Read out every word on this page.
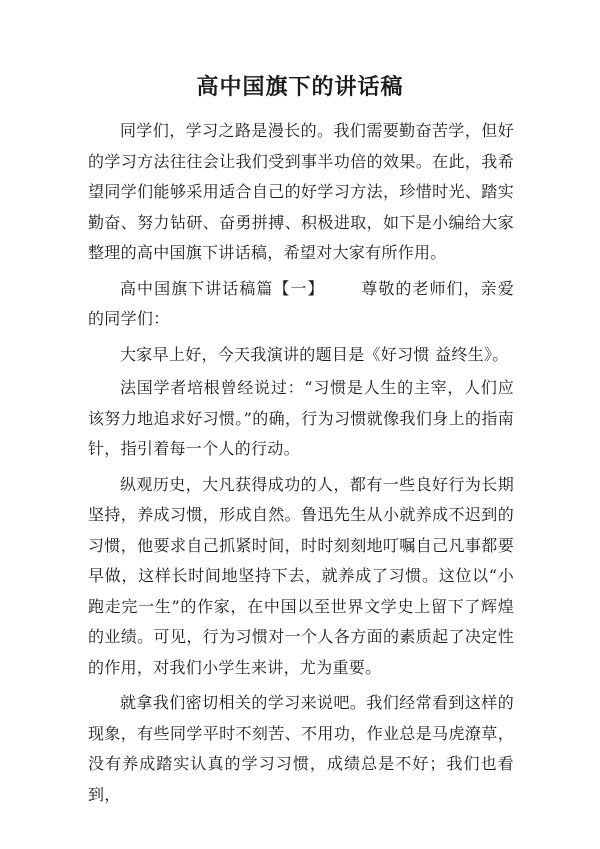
高中国旗下的讲话稿

同学们，学习之路是漫长的。我们需要勤奋苦学，但好的学习方法往往会让我们受到事半功倍的效果。在此，我希望同学们能够采用适合自己的好学习方法，珍惜时光、踏实勤奋、努力钻研、奋勇拼搏、积极进取，如下是小编给大家整理的高中国旗下讲话稿，希望对大家有所作用。

高中国旗下讲话稿篇【一】 尊敬的老师们，亲爱的同学们：

大家早上好，今天我演讲的题目是《好习惯 益终生》。

法国学者培根曾经说过：“习惯是人生的主宰，人们应该努力地追求好习惯。”的确，行为习惯就像我们身上的指南针，指引着每一个人的行动。

纵观历史，大凡获得成功的人，都有一些良好行为长期坚持，养成习惯，形成自然。鲁迅先生从小就养成不迟到的习惯，他要求自己抓紧时间，时时刻刻地叮嘱自己凡事都要早做，这样长时间地坚持下去，就养成了习惯。这位以“小跑走完一生”的作家，在中国以至世界文学史上留下了辉煌的业绩。可见，行为习惯对一个人各方面的素质起了决定性的作用，对我们小学生来讲，尤为重要。

就拿我们密切相关的学习来说吧。我们经常看到这样的现象，有些同学平时不刻苦、不用功，作业总是马虎潦草，没有养成踏实认真的学习习惯，成绩总是不好；我们也看到，
